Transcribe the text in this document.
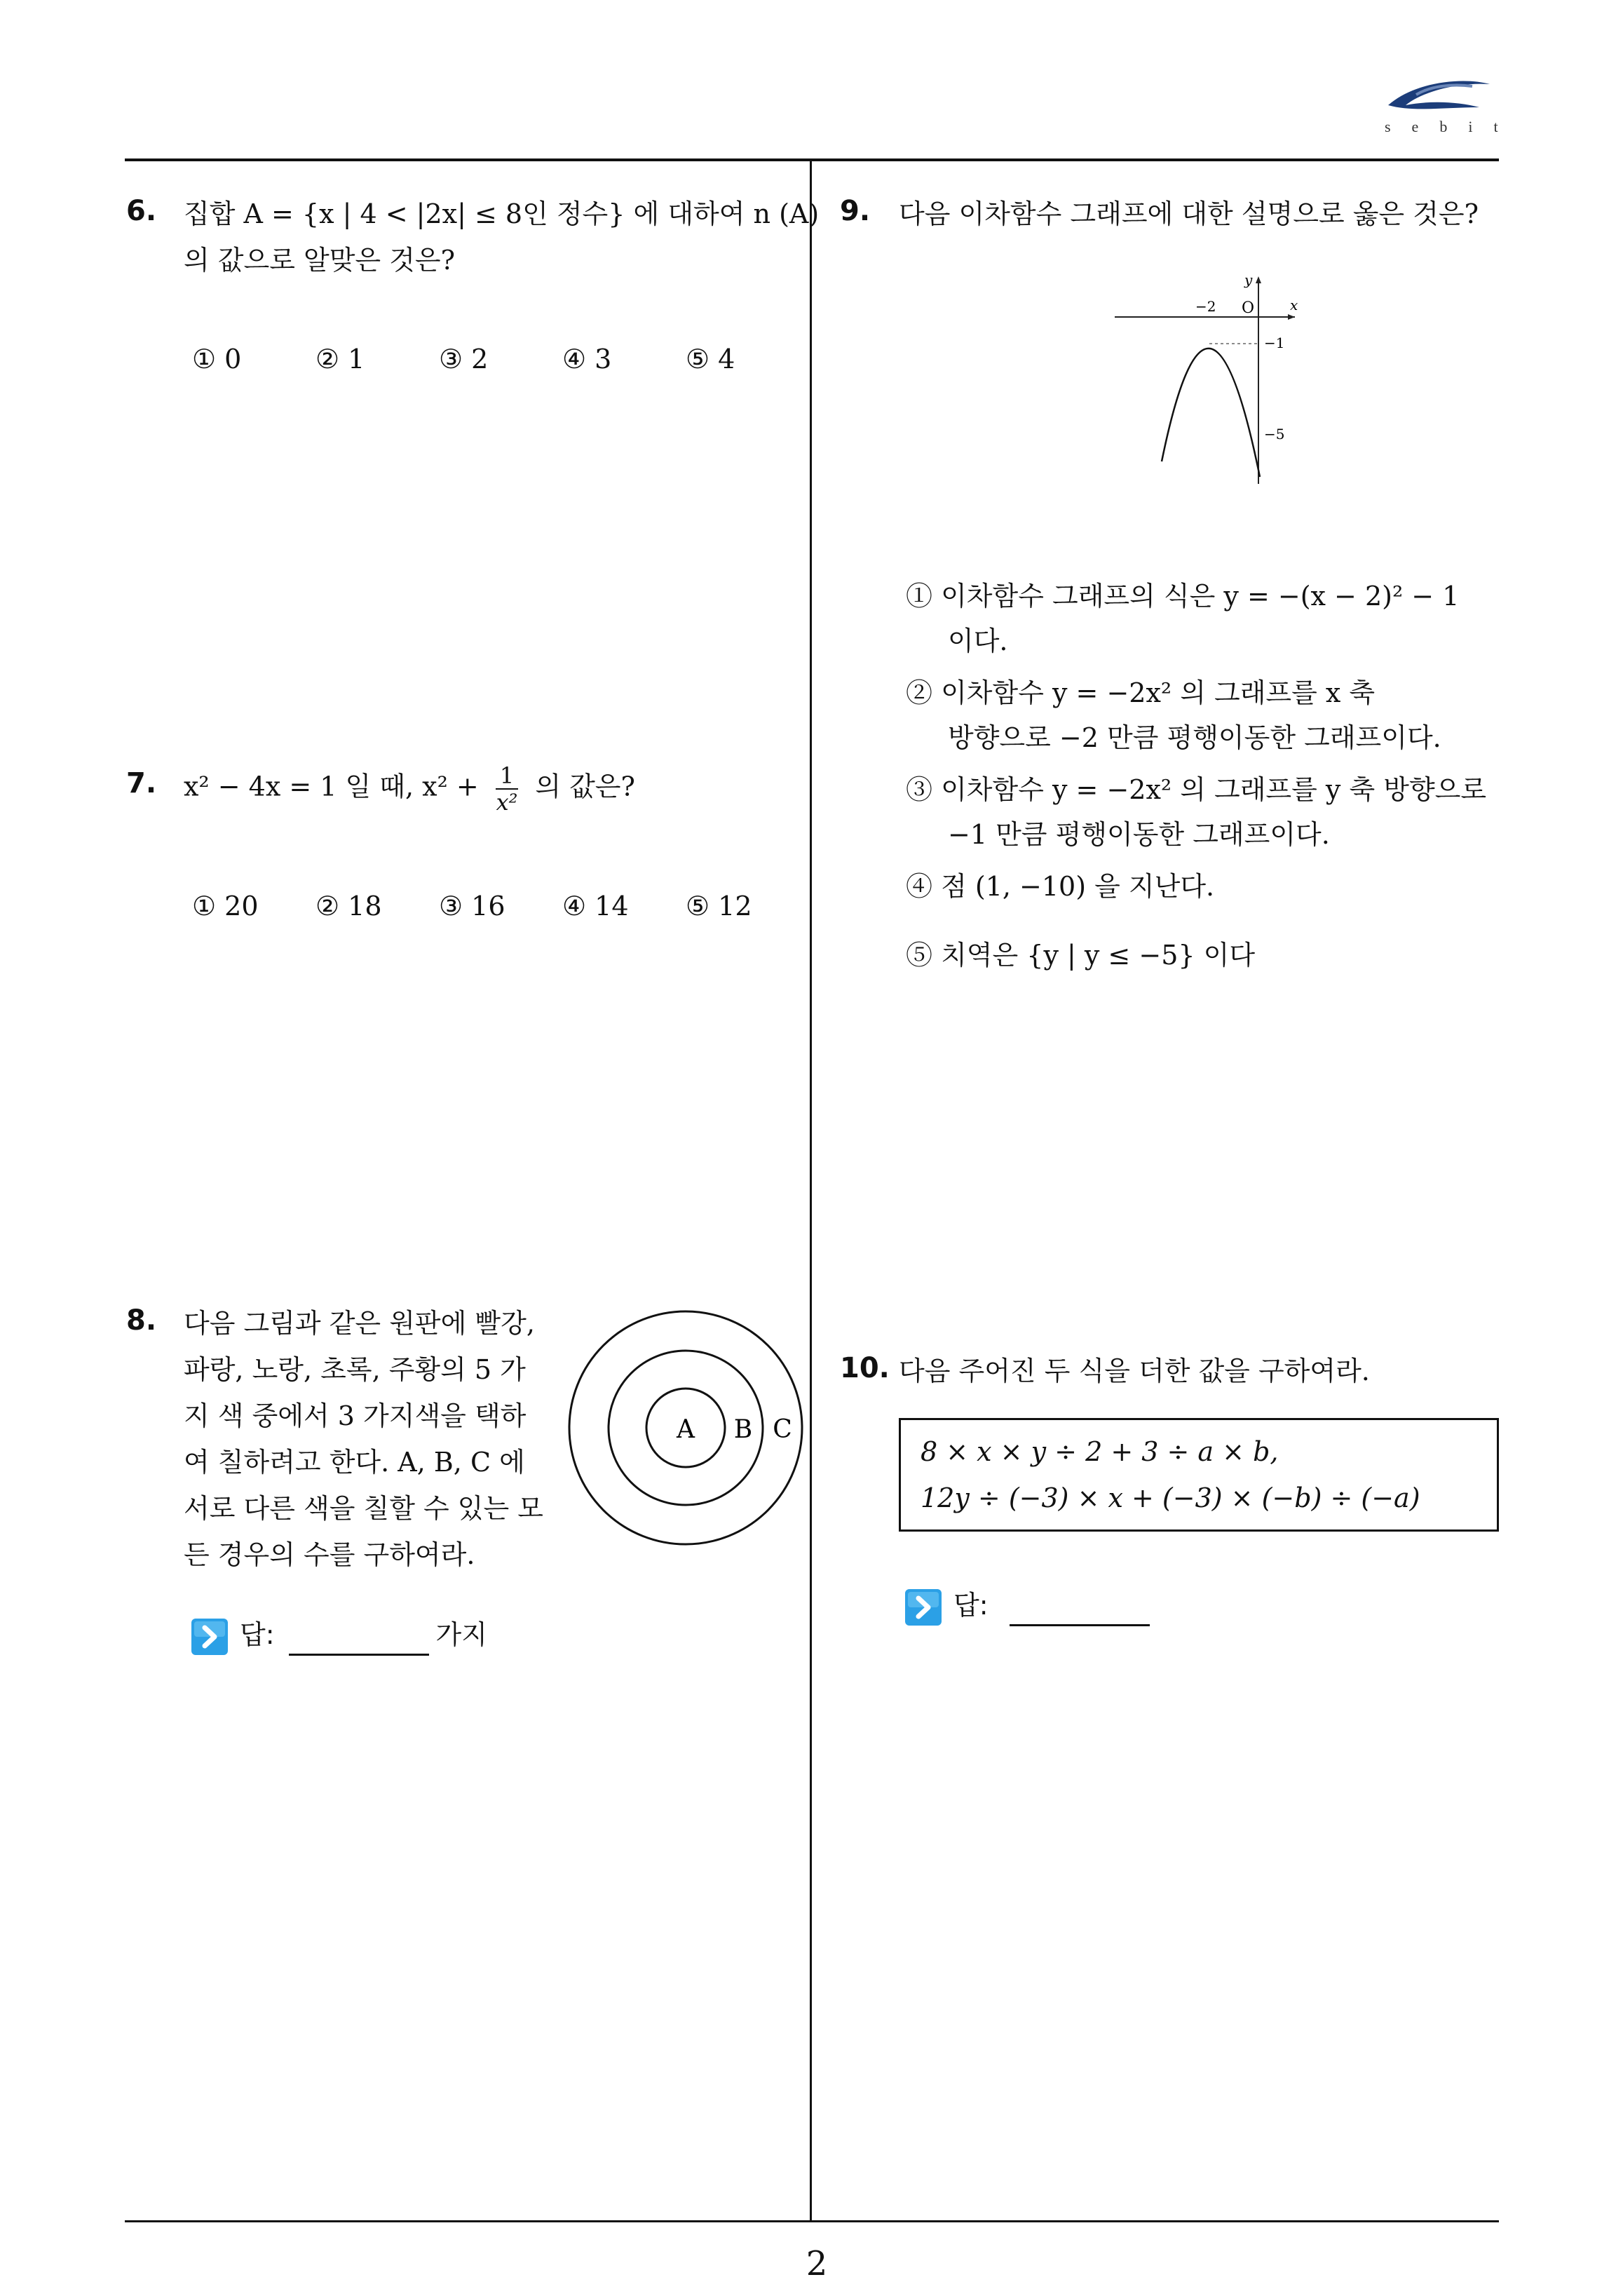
sebit
6. 집합 A = {x | 4 < |2x| ≤ 8인 정수} 에 대하여 n (A)
의 값으로 알맞은 것은?
① 0	② 1	③ 2	④ 3	⑤ 4
7. x² − 4x = 1 일 때, $x^2 + \frac{1}{\text{x²}}$ 의 값은?
① 20 ② 18 ③ 16 ④ 14 ⑤ 12
8. 다음 그림과 같은 원판에 빨강,
파랑, 노랑, 초록, 주황의 5 가
지 색 중에서 3 가지색을 택하
여 칠하려고 한다. A, B, C 에
서로 다른 색을 칠할 수 있는 모
든 경우의 수를 구하여라.
A B C
답:	가지
9. 다음 이차함수 그래프에 대한 설명으로 옳은 것은?
x
y
O
−2
−1
−5
① 이차함수 그래프의 식은 y = −(x − 2)² − 1
이다.
② 이차함수 y = −2x² 의 그래프를 x 축
방향으로 −2 만큼 평행이동한 그래프이다.
③ 이차함수 y = −2x² 의 그래프를 y 축 방향으로
−1 만큼 평행이동한 그래프이다.
④ 점 (1, −10) 을 지난다.
⑤ 치역은 {y | y ≤ −5} 이다
10. 다음 주어진 두 식을 더한 값을 구하여라.
8 × x × y ÷ 2 + 3 ÷ a × b,
12y ÷ (−3) × x + (−3) × (−b) ÷ (−a)
답:
2
